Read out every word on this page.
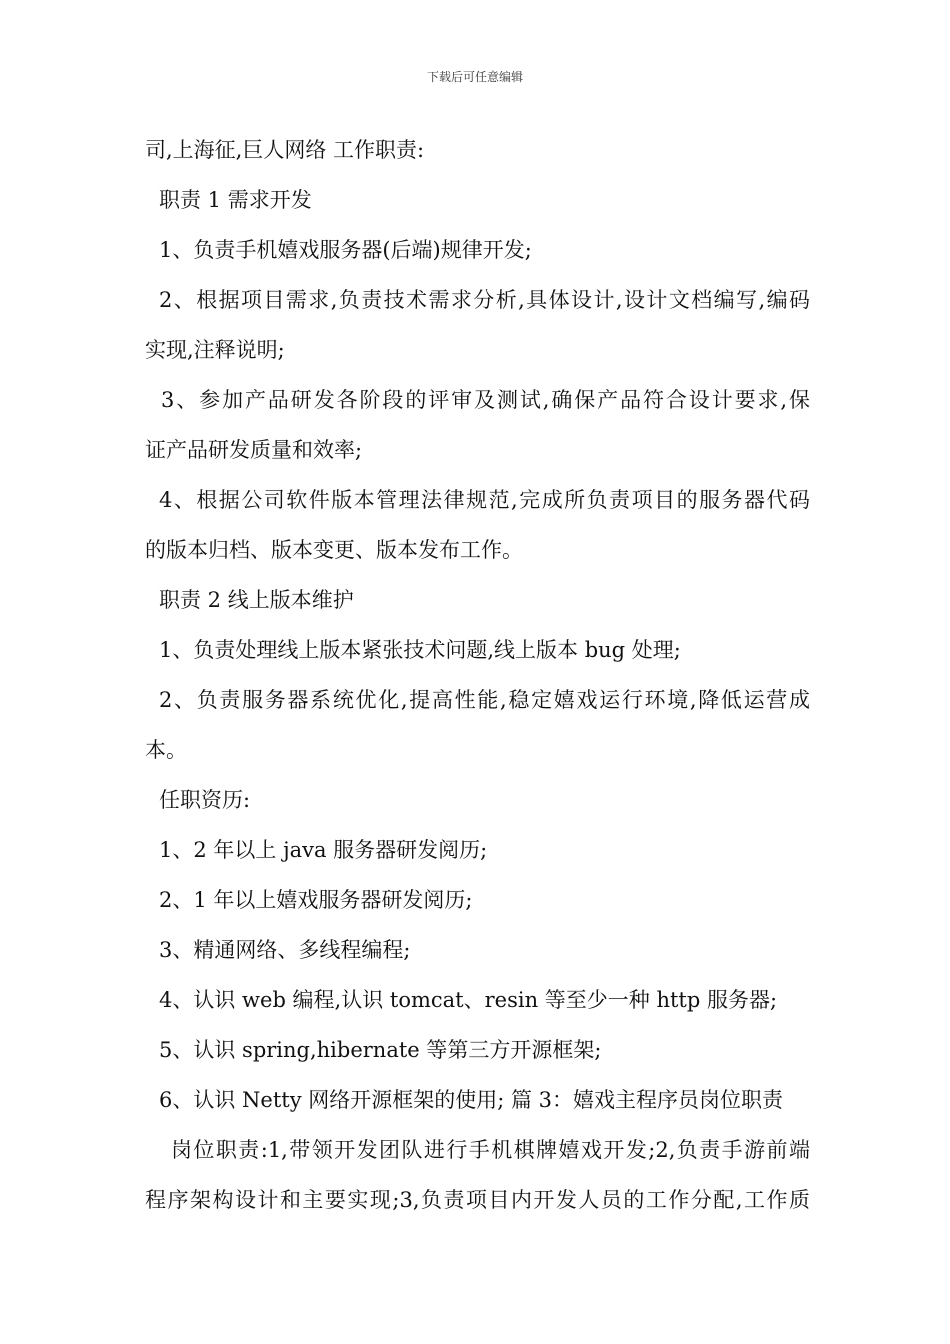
下载后可任意编辑
司,上海征,巨人网络 工作职责:
职责 1 需求开发
1、负责手机嬉戏服务器(后端)规律开发;
2、根据项目需求,负责技术需求分析,具体设计,设计文档编写,编码
实现,注释说明;
3、参加产品研发各阶段的评审及测试,确保产品符合设计要求,保
证产品研发质量和效率;
4、根据公司软件版本管理法律规范,完成所负责项目的服务器代码
的版本归档、版本变更、版本发布工作。
职责 2 线上版本维护
1、负责处理线上版本紧张技术问题,线上版本 bug 处理;
2、负责服务器系统优化,提高性能,稳定嬉戏运行环境,降低运营成
本。
任职资历:
1、2 年以上 java 服务器研发阅历;
2、1 年以上嬉戏服务器研发阅历;
3、精通网络、多线程编程;
4、认识 web 编程,认识 tomcat、resin 等至少一种 http 服务器;
5、认识 spring,hibernate 等第三方开源框架;
6、认识 Netty 网络开源框架的使用; 篇 3：嬉戏主程序员岗位职责
岗位职责:1,带领开发团队进行手机棋牌嬉戏开发;2,负责手游前端
程序架构设计和主要实现;3,负责项目内开发人员的工作分配,工作质
